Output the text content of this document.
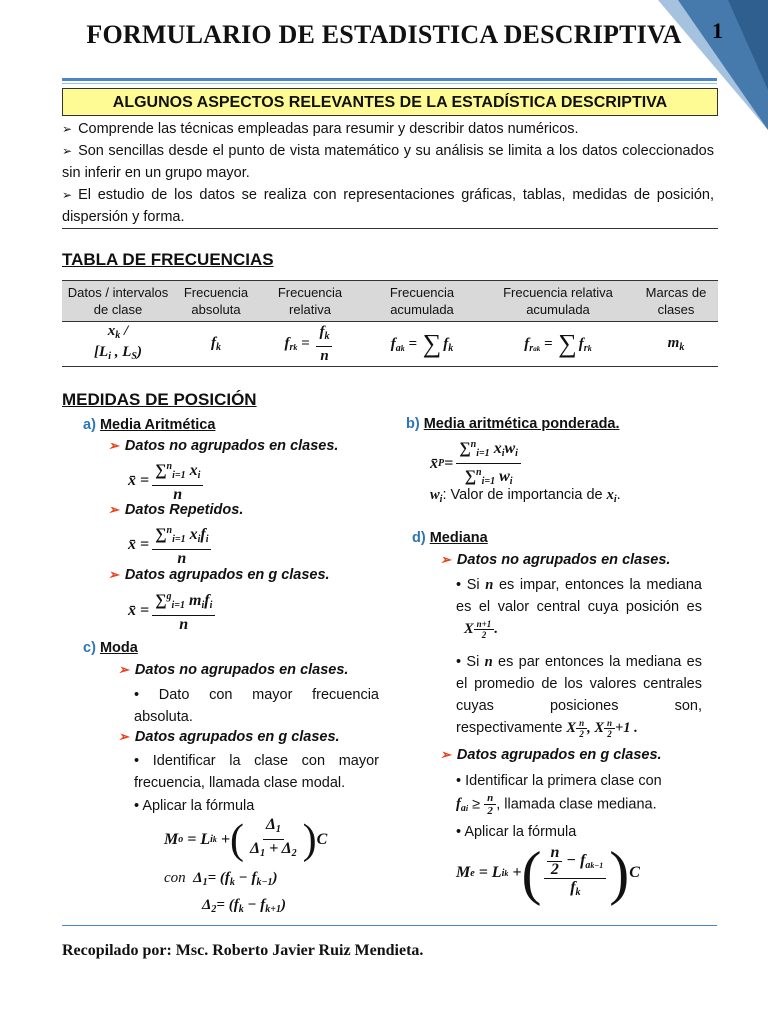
1
FORMULARIO DE ESTADISTICA DESCRIPTIVA
ALGUNOS ASPECTOS RELEVANTES DE LA ESTADÍSTICA DESCRIPTIVA

➢ Comprende las técnicas empleadas para resumir y describir datos numéricos.

➢ Son sencillas desde el punto de vista matemático y su análisis se limita a los datos coleccionados sin inferir en un grupo mayor.

➢ El estudio de los datos se realiza con representaciones gráficas, tablas, medidas de posición, dispersión y forma.

TABLA DE FRECUENCIAS
Datos / intervalos de clase	Frecuencia absoluta	Frecuencia relativa	Frecuencia acumulada	Frecuencia relativa acumulada	Marcas de clases
$x_k$ /
[$L_i$ , $L_S$)	$f_k$	$f_{rk} = \frac{f_k}{n}$	$f_{ak}$ = ∑ $f_k$	$f_{rak}$ = ∑ $f_{rk}$	$m_k$
MEDIDAS DE POSICIÓN
a) Media Aritmética
➢ Datos no agrupados en clases.
x̄ = $\frac{\sum^n_{i=1} x_i}{n}$
➢ Datos Repetidos.
x̄ = $\frac{\sum^n_{i=1} x_if_i}{n}$
➢ Datos agrupados en g clases.
x̄ = $\frac{\sum^g_{i=1} m_if_i}{n}$
c) Moda
➢ Datos no agrupados en clases.
• Dato con mayor frecuencia absoluta.
➢ Datos agrupados en g clases.
• Identificar la clase con mayor frecuencia, llamada clase modal.
• Aplicar la fórmula
M o = L ik + ( $\frac{\Delta_1}{\Delta_1 + \Delta_2}$ ) C
con $\Delta_1= (f_k - f_{k-1})$
$\Delta_2= (f_k - f_{k+1})$
b) Media aritmética ponderada.
x̄ $P = \frac{\sum^n_{i=1} x_iw_i}{\sum^n_{i=1} w_i}$
$w_i$: Valor de importancia de $x_i$.
d) Mediana
➢ Datos no agrupados en clases.
• Si n es impar, entonces la mediana es el valor central cuya posición es X $\frac{n+1}{2}$ .
• Si n es par entonces la mediana es el promedio de los valores centrales cuyas posiciones son, respectivamente X $\frac{n}{2}$ , X $\frac{n}{2} +1$ .
➢ Datos agrupados en g clases.
• Identificar la primera clase con
$f_{ai} \ge \frac{n}{2}$ , llamada clase mediana.
• Aplicar la fórmula
M e = L ik + ( $\frac{\frac{n}{2} - f_{ak-1}}{f_k}$ ) C
Recopilado por: Msc. Roberto Javier Ruiz Mendieta.
